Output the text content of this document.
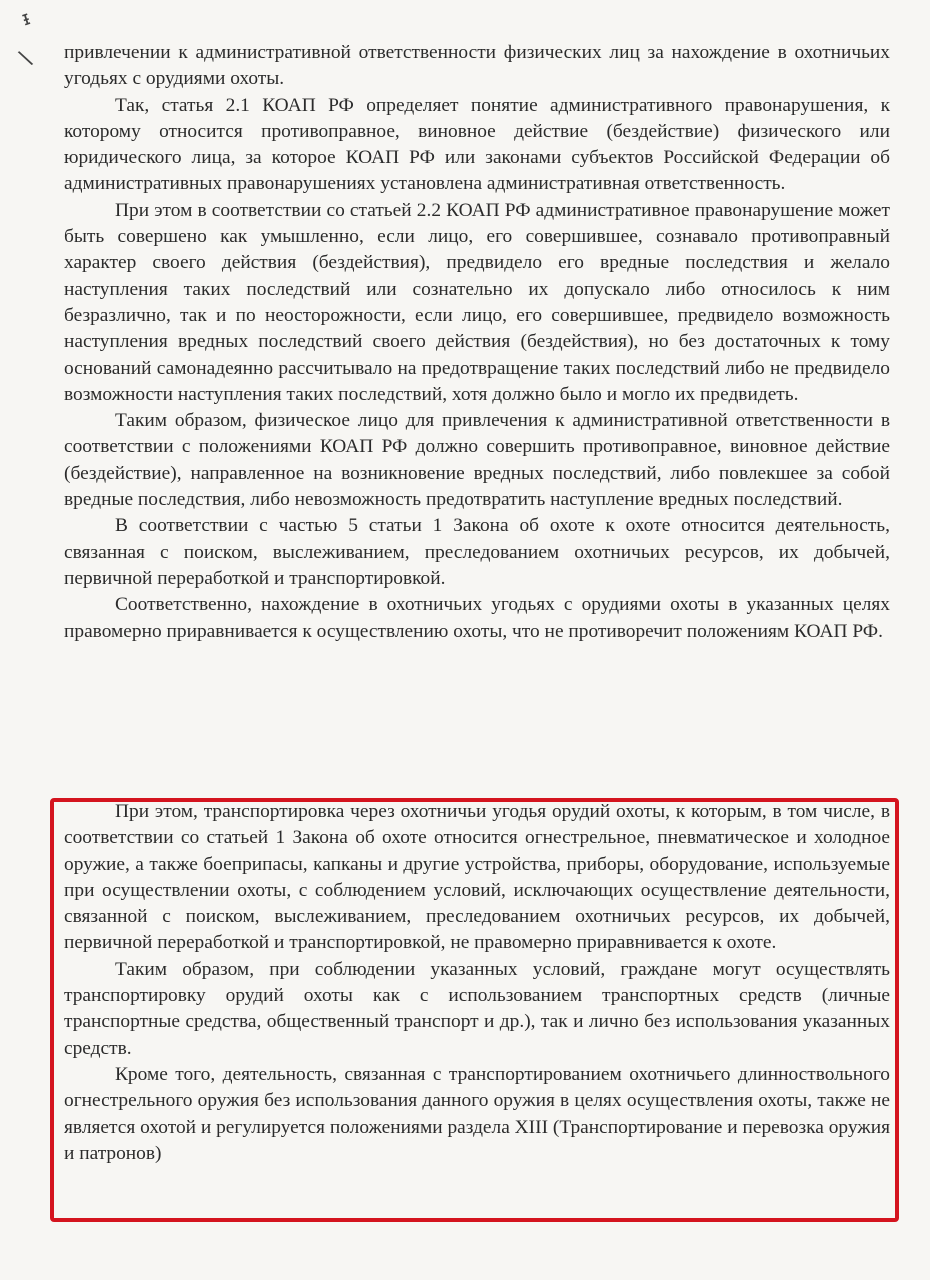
ᵻ
\ привлечении к административной ответственности физических лиц за нахождение в охотничьих угодьях с орудиями охоты.

Так, статья 2.1 КОАП РФ определяет понятие административного правонарушения, к которому относится противоправное, виновное действие (бездействие) физического или юридического лица, за которое КОАП РФ или законами субъектов Российской Федерации об административных правонарушениях установлена административная ответственность.

При этом в соответствии со статьей 2.2 КОАП РФ административное правонарушение может быть совершено как умышленно, если лицо, его совершившее, сознавало противоправный характер своего действия (бездействия), предвидело его вредные последствия и желало наступления таких последствий или сознательно их допускало либо относилось к ним безразлично, так и по неосторожности, если лицо, его совершившее, предвидело возможность наступления вредных последствий своего действия (бездействия), но без достаточных к тому оснований самонадеянно рассчитывало на предотвращение таких последствий либо не предвидело возможности наступления таких последствий, хотя должно было и могло их предвидеть.

Таким образом, физическое лицо для привлечения к административной ответственности в соответствии с положениями КОАП РФ должно совершить противоправное, виновное действие (бездействие), направленное на возникновение вредных последствий, либо повлекшее за собой вредные последствия, либо невозможность предотвратить наступление вредных последствий.

В соответствии с частью 5 статьи 1 Закона об охоте к охоте относится деятельность, связанная с поиском, выслеживанием, преследованием охотничьих ресурсов, их добычей, первичной переработкой и транспортировкой.

Соответственно, нахождение в охотничьих угодьях с орудиями охоты в указанных целях правомерно приравнивается к осуществлению охоты, что не противоречит положениям КОАП РФ.

При этом, транспортировка через охотничьи угодья орудий охоты, к которым, в том числе, в соответствии со статьей 1 Закона об охоте относится огнестрельное, пневматическое и холодное оружие, а также боеприпасы, капканы и другие устройства, приборы, оборудование, используемые при осуществлении охоты, с соблюдением условий, исключающих осуществление деятельности, связанной с поиском, выслеживанием, преследованием охотничьих ресурсов, их добычей, первичной переработкой и транспортировкой, не правомерно приравнивается к охоте.

Таким образом, при соблюдении указанных условий, граждане могут осуществлять транспортировку орудий охоты как с использованием транспортных средств (личные транспортные средства, общественный транспорт и др.), так и лично без использования указанных средств.

Кроме того, деятельность, связанная с транспортированием охотничьего длинноствольного огнестрельного оружия без использования данного оружия в целях осуществления охоты, также не является охотой и регулируется положениями раздела XIII (Транспортирование и перевозка оружия и патронов)
